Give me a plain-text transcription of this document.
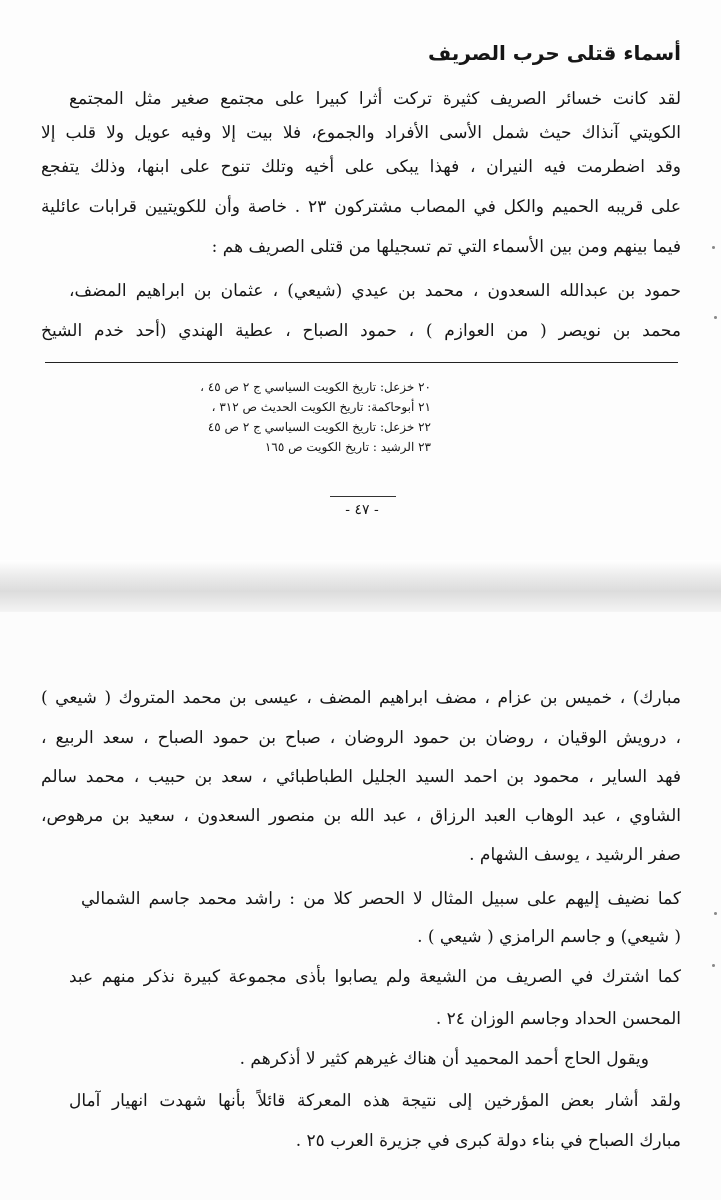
أسماء قتلى حرب الصريف
لقد كانت خسائر الصريف كثيرة تركت أثرا كبيرا على مجتمع صغير مثل المجتمع
الكويتي آنذاك حيث شمل الأسى الأفراد والجموع، فلا بيت إلا وفيه عويل ولا قلب إلا
وقد اضطرمت فيه النيران ، فهذا يبكى على أخيه وتلك تنوح على ابنها، وذلك يتفجع
على قريبه الحميم والكل في المصاب مشتركون ٢٣ . خاصة وأن للكويتيين قرابات عائلية
فيما بينهم ومن بين الأسماء التي تم تسجيلها من قتلى الصريف هم :
حمود بن عبدالله السعدون ، محمد بن عيدي (شيعي) ، عثمان بن ابراهيم المضف،
محمد بن نويصر ( من العوازم ) ، حمود الصباح ، عطية الهندي (أحد خدم الشيخ
٢٠ خزعل: تاريخ الكويت السياسي ج ٢ ص ٤٥ ،
٢١ أبوحاكمة: تاريخ الكويت الحديث ص ٣١٢ ،
٢٢ خزعل: تاريخ الكويت السياسي ج ٢ ص ٤٥
٢٣ الرشيد : تاريخ الكويت ص ١٦٥
- ٤٧ -
مبارك) ، خميس بن عزام ، مضف ابراهيم المضف ، عيسى بن محمد المتروك ( شيعي )
، درويش الوقيان ، روضان بن حمود الروضان ، صباح بن حمود الصباح ، سعد الربيع ،
فهد الساير ، محمود بن احمد السيد الجليل الطباطبائي ، سعد بن حبيب ، محمد سالم
الشاوي ، عبد الوهاب العبد الرزاق ، عبد الله بن منصور السعدون ، سعيد بن مرهوص،
صفر الرشيد ، يوسف الشهام .
كما نضيف إليهم على سبيل المثال لا الحصر كلا من : راشد محمد جاسم الشمالي
( شيعي) و جاسم الرامزي ( شيعي ) .
كما اشترك في الصريف من الشيعة ولم يصابوا بأذى مجموعة كبيرة نذكر منهم عبد
المحسن الحداد وجاسم الوزان ٢٤ .
ويقول الحاج أحمد المحميد أن هناك غيرهم كثير لا أذكرهم .
ولقد أشار بعض المؤرخين إلى نتيجة هذه المعركة قائلاً بأنها شهدت انهيار آمال
مبارك الصباح في بناء دولة كبرى في جزيرة العرب ٢٥ .
